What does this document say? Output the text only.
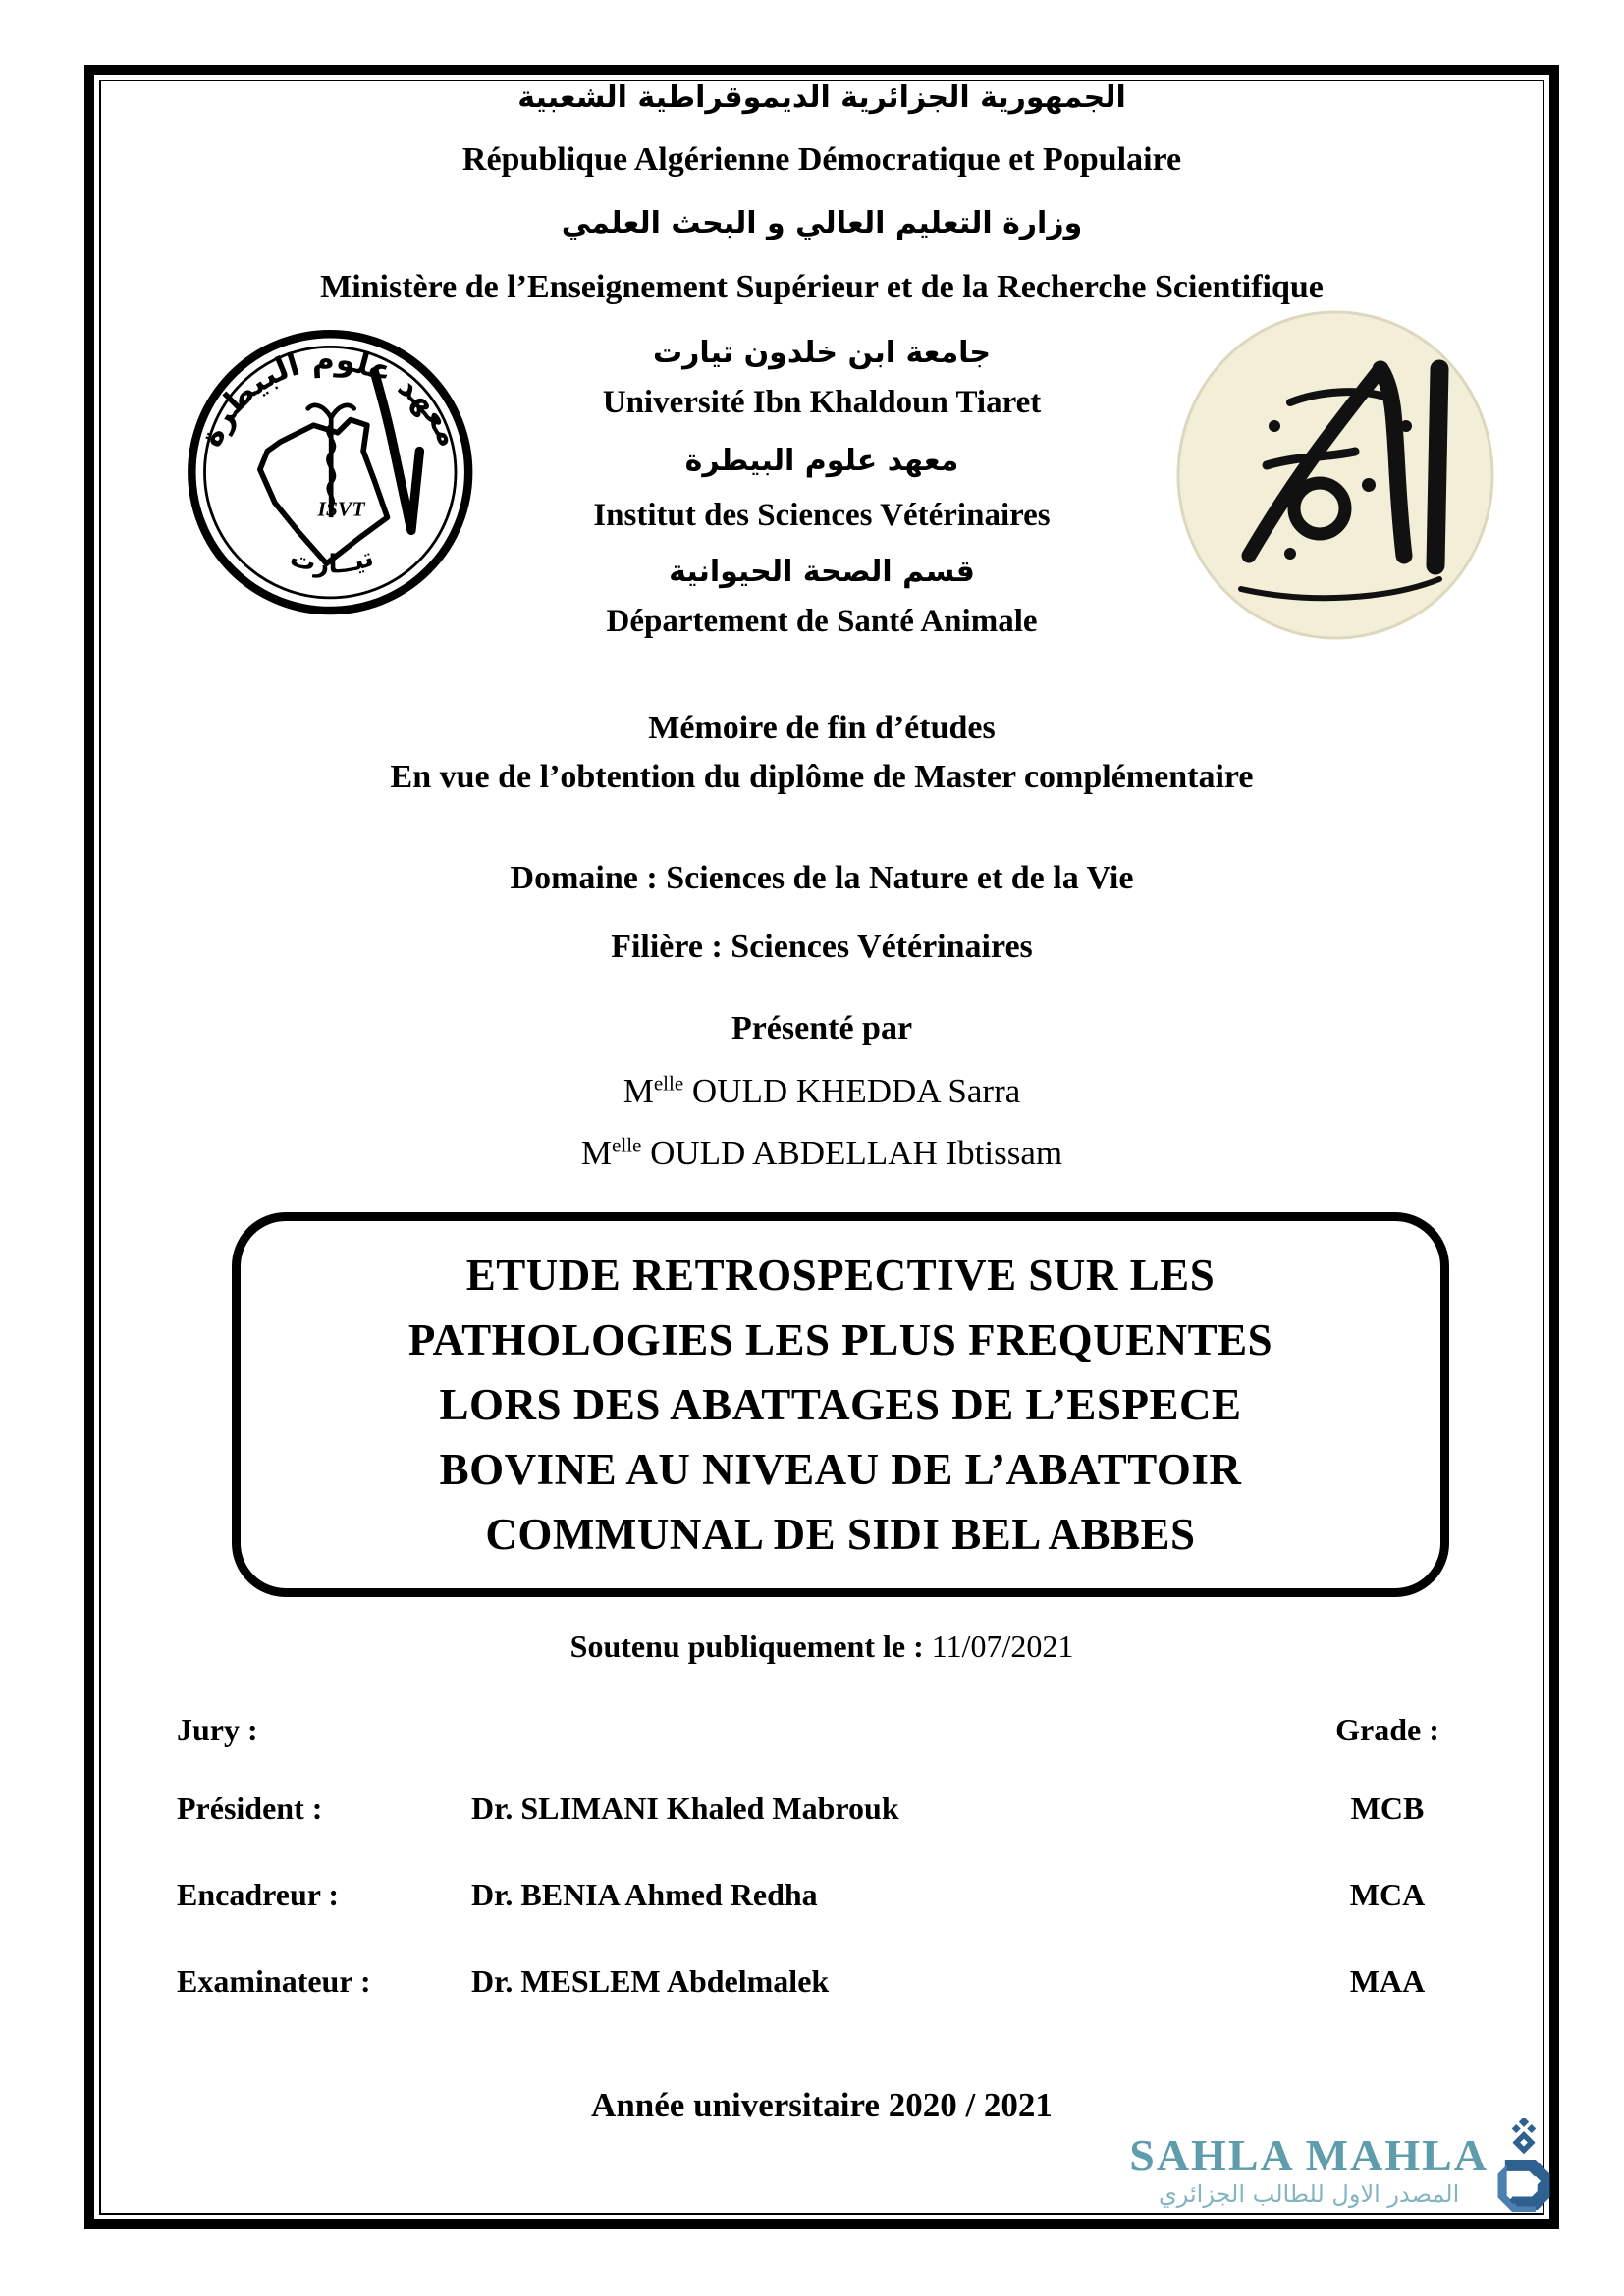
الجمهورية الجزائرية الديموقراطية الشعبية
République Algérienne Démocratique et Populaire
وزارة التعليم العالي و البحث العلمي
Ministère de l’Enseignement Supérieur et de la Recherche Scientifique
معهد علوم البيطرة
تيــارت
ISVT
جامعة ابن خلدون تيارت
Université Ibn Khaldoun Tiaret
معهد علوم البيطرة
Institut des Sciences Vétérinaires
قسم الصحة الحيوانية
Département de Santé Animale
Mémoire de fin d’études
En vue de l’obtention du diplôme de Master complémentaire
Domaine : Sciences de la Nature et de la Vie
Filière : Sciences Vétérinaires
Présenté par
$M^{elle}$ OULD KHEDDA Sarra
$M^{elle}$ OULD ABDELLAH Ibtissam
ETUDE RETROSPECTIVE SUR LES
PATHOLOGIES LES PLUS FREQUENTES
LORS DES ABATTAGES DE L’ESPECE
BOVINE AU NIVEAU DE L’ABATTOIR
COMMUNAL DE SIDI BEL ABBES
Soutenu publiquement le : 11/07/2021
Jury :	Grade :
Président :	Dr. SLIMANI Khaled Mabrouk	MCB
Encadreur :	Dr. BENIA Ahmed Redha	MCA
Examinateur :	Dr. MESLEM Abdelmalek	MAA
Année universitaire 2020 / 2021
SAHLA MAHLA
المصدر الاول للطالب الجزائري
